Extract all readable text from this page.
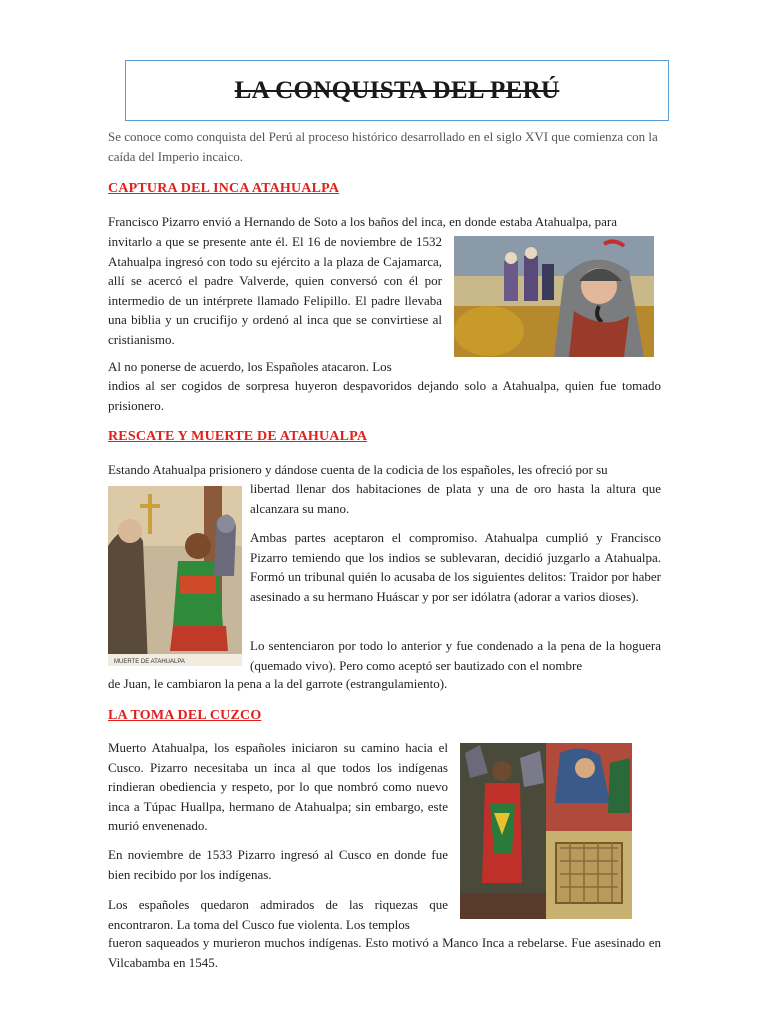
LA CONQUISTA DEL PERÚ
Se conoce como conquista del Perú al proceso histórico desarrollado en el siglo XVI que comienza con la caída del Imperio incaico.
CAPTURA DEL INCA ATAHUALPA
Francisco Pizarro envió a Hernando de Soto a los baños del inca, en donde estaba Atahualpa, para
invitarlo a que se presente ante él. El 16 de noviembre de 1532 Atahualpa ingresó con todo su ejército a la plaza de Cajamarca, allí se acercó el padre Valverde, quien conversó con él por intermedio de un intérprete llamado Felipillo. El padre llevaba una biblia y un crucifijo y ordenó al inca que se convirtiese al cristianismo.
Al no ponerse de acuerdo, los Españoles atacaron. Los
indios al ser cogidos de sorpresa huyeron despavoridos dejando solo a Atahualpa, quien fue tomado prisionero.
RESCATE Y MUERTE DE ATAHUALPA
Estando Atahualpa prisionero y dándose cuenta de la codicia de los españoles, les ofreció por su
libertad llenar dos habitaciones de plata y una de oro hasta la altura que alcanzara su mano.
MUERTE DE ATAHUALPA
Ambas partes aceptaron el compromiso. Atahualpa cumplió y Francisco Pizarro temiendo que los indios se sublevaran, decidió juzgarlo a Atahualpa. Formó un tribunal quién lo acusaba de los siguientes delitos: Traidor por haber asesinado a su hermano Huáscar y por ser idólatra (adorar a varios dioses).
Lo sentenciaron por todo lo anterior y fue condenado a la pena de la hoguera (quemado vivo). Pero como aceptó ser bautizado con el nombre
de Juan, le cambiaron la pena a la del garrote (estrangulamiento).
LA TOMA DEL CUZCO
Muerto Atahualpa, los españoles iniciaron su camino hacia el Cusco. Pizarro necesitaba un inca al que todos los indígenas rindieran obediencia y respeto, por lo que nombró como nuevo inca a Túpac Huallpa, hermano de Atahualpa; sin embargo, este murió envenenado.
En noviembre de 1533 Pizarro ingresó al Cusco en donde fue bien recibido por los indígenas.
Los españoles quedaron admirados de las riquezas que encontraron. La toma del Cusco fue violenta. Los templos
fueron saqueados y murieron muchos indígenas. Esto motivó a Manco Inca a rebelarse. Fue asesinado en Vilcabamba en 1545.
